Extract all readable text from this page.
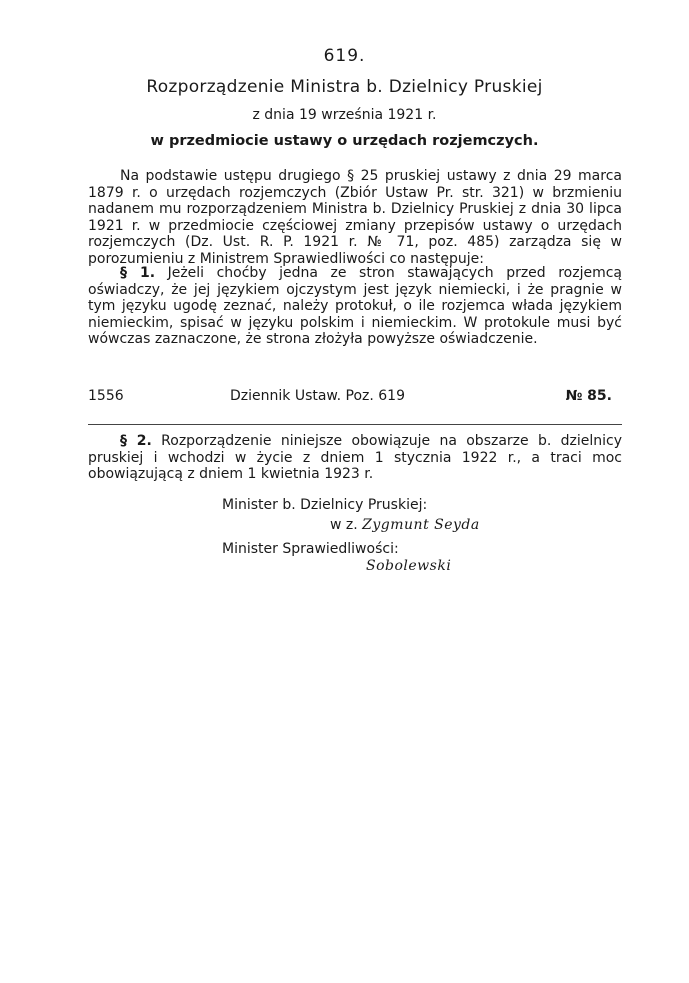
619.
Rozporządzenie Ministra b. Dzielnicy Pruskiej
z dnia 19 września 1921 r.
w przedmiocie ustawy o urzędach rozjemczych.
Na podstawie ustępu drugiego § 25 pruskiej ustawy z dnia 29 marca 1879 r. o urzędach rozjemczych (Zbiór Ustaw Pr. str. 321) w brzmieniu nadanem mu rozporządzeniem Ministra b. Dzielnicy Pruskiej z dnia 30 lipca 1921 r. w przedmiocie częściowej zmiany przepisów ustawy o urzędach rozjemczych (Dz. Ust. R. P. 1921 r. № 71, poz. 485) zarządza się w porozumieniu z Ministrem Sprawiedliwości co następuje:
§ 1. Jeżeli choćby jedna ze stron stawających przed rozjemcą oświadczy, że jej językiem ojczystym jest język niemiecki, i że pragnie w tym języku ugodę zeznać, należy protokuł, o ile rozjemca włada językiem niemieckim, spisać w języku polskim i niemieckim. W protokule musi być wówczas zaznaczone, że strona złożyła powyższe oświadczenie.
1556	Dziennik Ustaw. Poz. 619	№ 85.
§ 2. Rozporządzenie niniejsze obowiązuje na obszarze b. dzielnicy pruskiej i wchodzi w życie z dniem 1 stycznia 1922 r., a traci moc obowiązującą z dniem 1 kwietnia 1923 r.
Minister b. Dzielnicy Pruskiej:
w z. Zygmunt Seyda
Minister Sprawiedliwości:
Sobolewski
